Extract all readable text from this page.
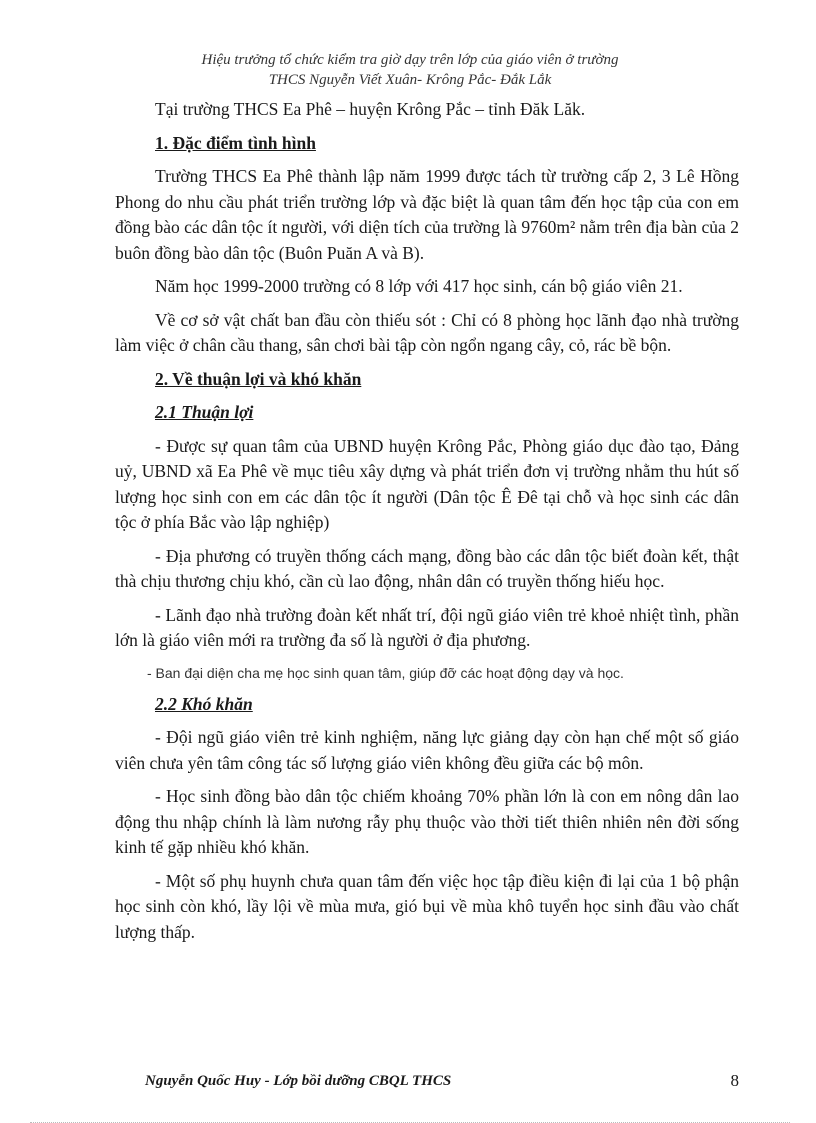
Hiệu trưởng tổ chức kiểm tra giờ dạy trên lớp của giáo viên ở trường
THCS Nguyễn Viết Xuân- Krông Pắc- Đắk Lắk

Tại trường THCS Ea Phê – huyện Krông Pắc – tỉnh Đăk Lăk.

1. Đặc điểm tình hình

Trường THCS Ea Phê thành lập năm 1999 được tách từ trường cấp 2, 3 Lê Hồng Phong do nhu cầu phát triển trường lớp và đặc biệt là quan tâm đến học tập của con em đồng bào các dân tộc ít người, với diện tích của trường là 9760m² nằm trên địa bàn của 2 buôn đồng bào dân tộc (Buôn Puăn A và B).

Năm học 1999-2000 trường có 8 lớp với 417 học sinh, cán bộ giáo viên 21.

Về cơ sở vật chất ban đầu còn thiếu sót : Chỉ có 8 phòng học lãnh đạo nhà trường làm việc ở chân cầu thang, sân chơi bài tập còn ngổn ngang cây, cỏ, rác bề bộn.

2. Về thuận lợi và khó khăn
2.1 Thuận lợi

- Được sự quan tâm của UBND huyện Krông Pắc, Phòng giáo dục đào tạo, Đảng uỷ, UBND xã Ea Phê về mục tiêu xây dựng và phát triển đơn vị trường nhằm thu hút số lượng học sinh con em các dân tộc ít người (Dân tộc Ê Đê tại chỗ và học sinh các dân tộc ở phía Bắc vào lập nghiệp)

- Địa phương có truyền thống cách mạng, đồng bào các dân tộc biết đoàn kết, thật thà chịu thương chịu khó, cần cù lao động, nhân dân có truyền thống hiếu học.

- Lãnh đạo nhà trường đoàn kết nhất trí, đội ngũ giáo viên trẻ khoẻ nhiệt tình, phần lớn là giáo viên mới ra trường đa số là người ở địa phương.

- Ban đại diện cha mẹ học sinh quan tâm, giúp đỡ các hoạt động dạy và học.

2.2 Khó khăn

- Đội ngũ giáo viên trẻ kinh nghiệm, năng lực giảng dạy còn hạn chế một số giáo viên chưa yên tâm công tác số lượng giáo viên không đều giữa các bộ môn.

- Học sinh đồng bào dân tộc chiếm khoảng 70% phần lớn là con em nông dân lao động thu nhập chính là làm nương rẫy phụ thuộc vào thời tiết thiên nhiên nên đời sống kinh tế gặp nhiều khó khăn.

- Một số phụ huynh chưa quan tâm đến việc học tập điều kiện đi lại của 1 bộ phận học sinh còn khó, lầy lội về mùa mưa, gió bụi về mùa khô tuyển học sinh đầu vào chất lượng thấp.

Nguyễn Quốc Huy - Lớp bồi dưỡng CBQL THCS	8
